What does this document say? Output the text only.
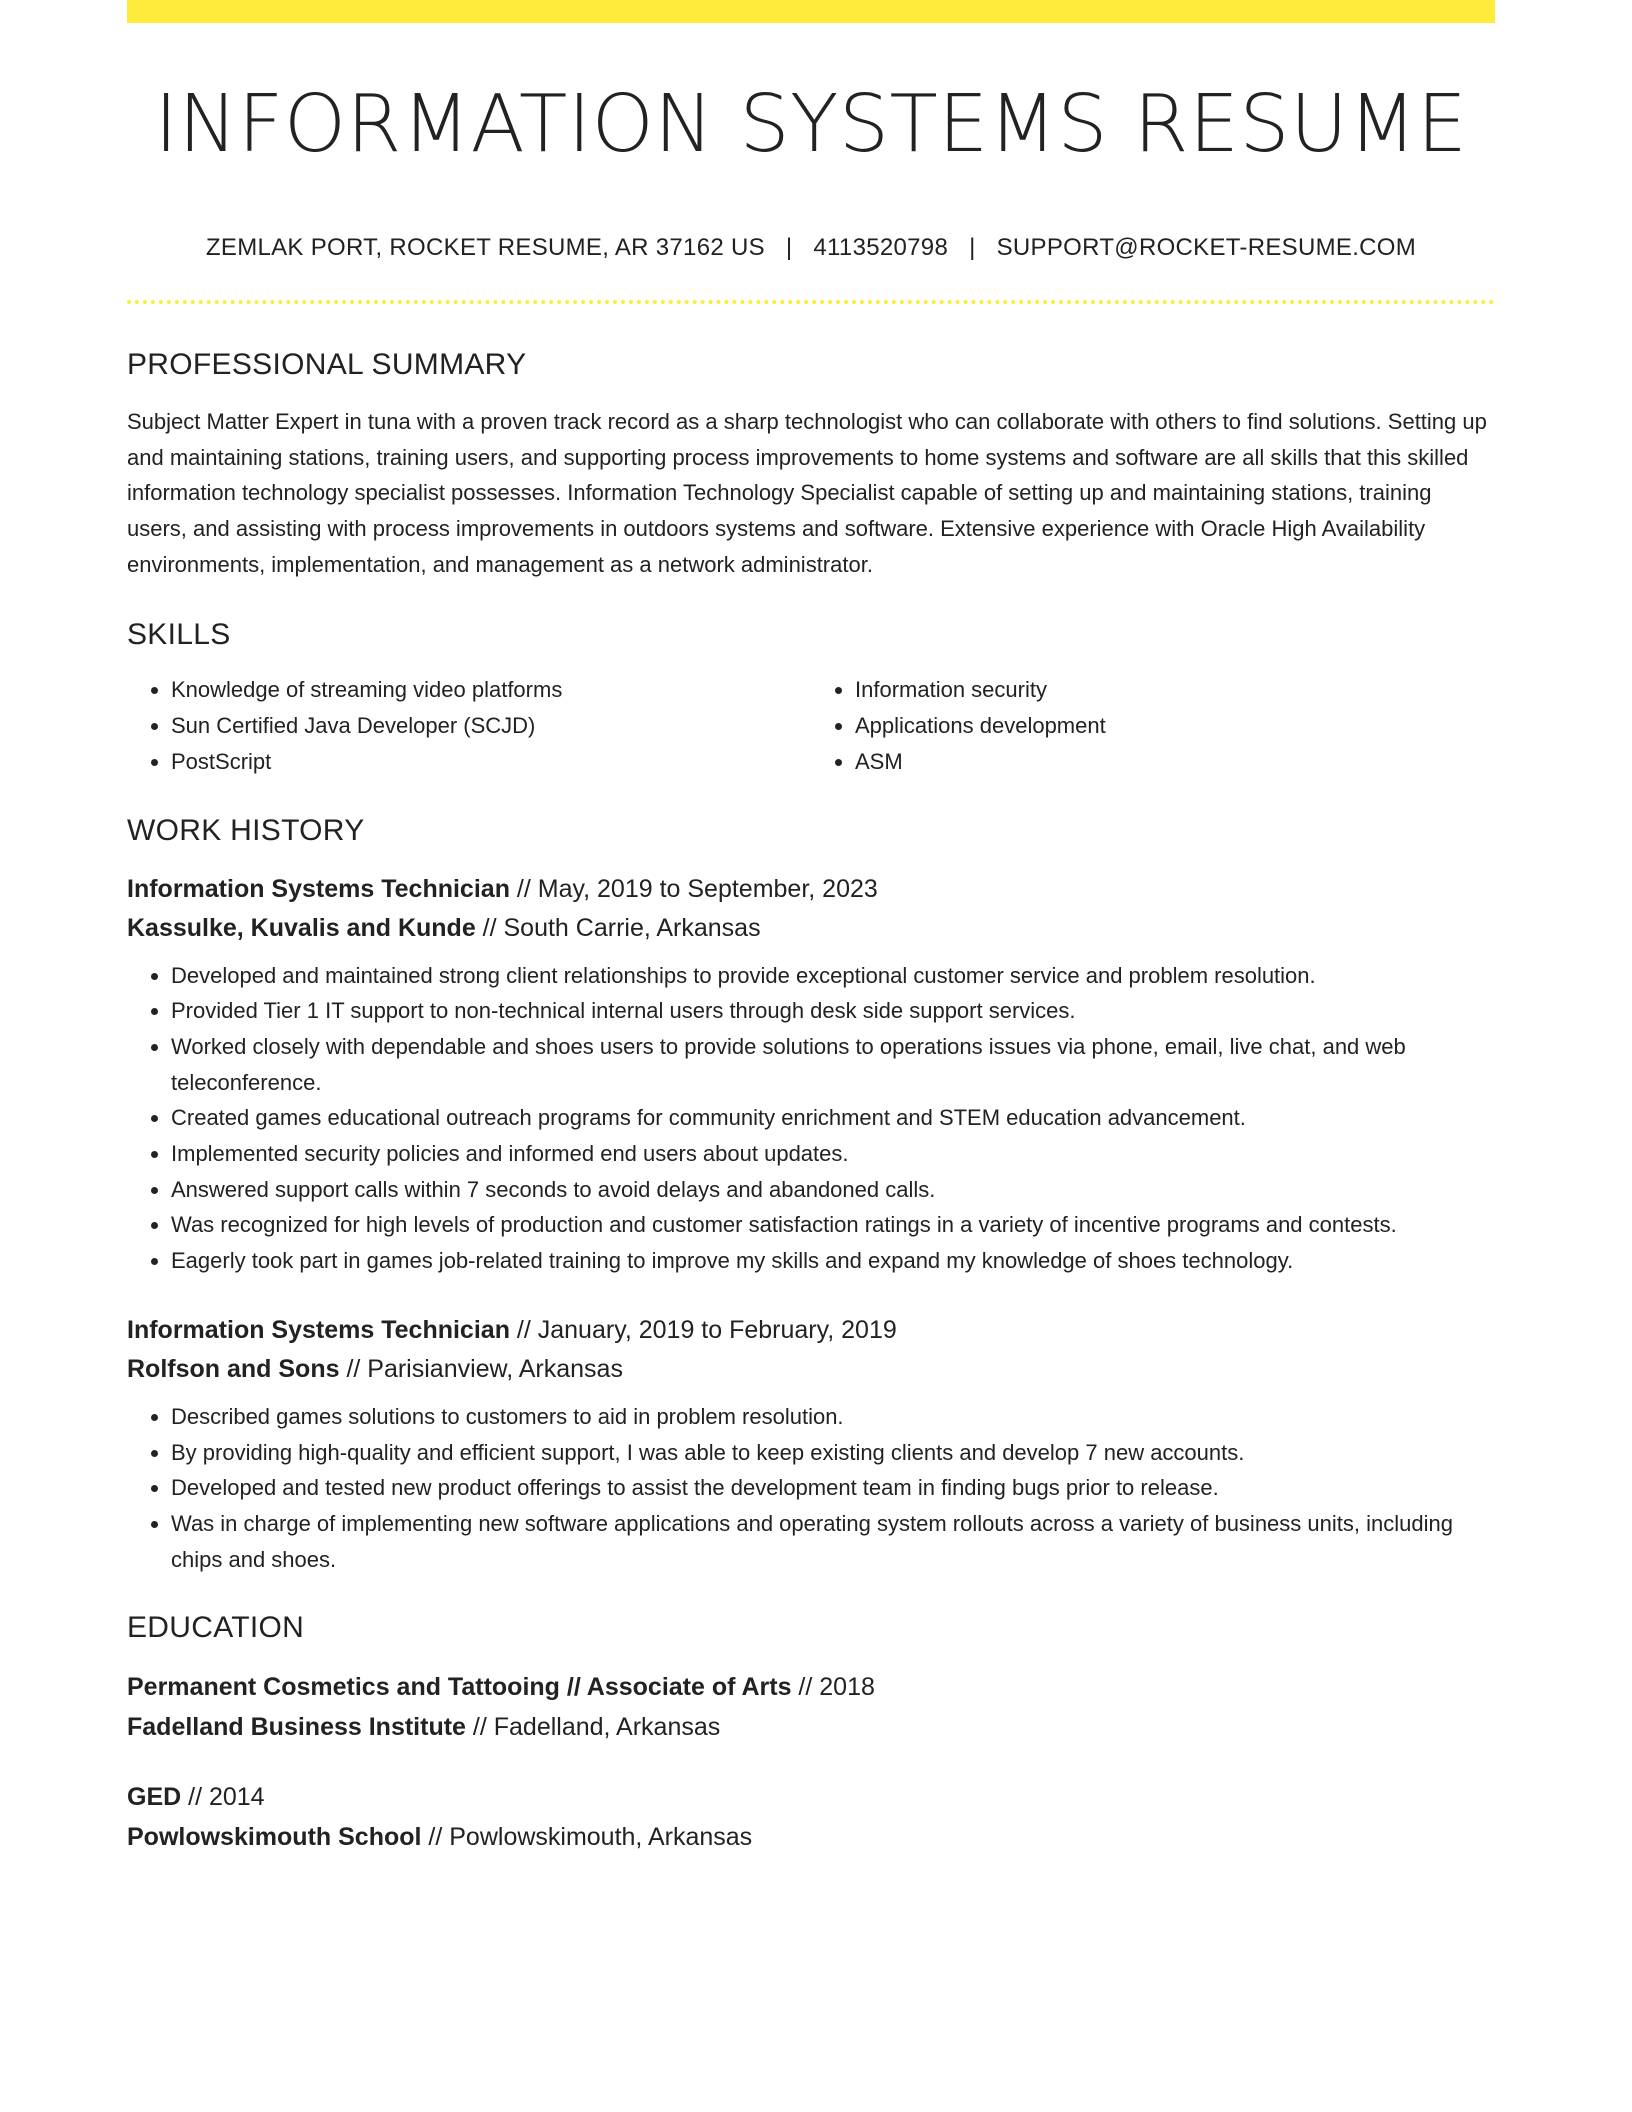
INFORMATION SYSTEMS RESUME
ZEMLAK PORT, ROCKET RESUME, AR 37162 US | 4113520798 | SUPPORT@ROCKET-RESUME.COM
PROFESSIONAL SUMMARY

Subject Matter Expert in tuna with a proven track record as a sharp technologist who can collaborate with others to find solutions. Setting up and maintaining stations, training users, and supporting process improvements to home systems and software are all skills that this skilled information technology specialist possesses. Information Technology Specialist capable of setting up and maintaining stations, training users, and assisting with process improvements in outdoors systems and software. Extensive experience with Oracle High Availability environments, implementation, and management as a network administrator.

SKILLS
• Knowledge of streaming video platforms
• Sun Certified Java Developer (SCJD)
• PostScript
• Information security
• Applications development
• ASM
WORK HISTORY
Information Systems Technician // May, 2019 to September, 2023
Kassulke, Kuvalis and Kunde // South Carrie, Arkansas
• Developed and maintained strong client relationships to provide exceptional customer service and problem resolution.
• Provided Tier 1 IT support to non-technical internal users through desk side support services.
• Worked closely with dependable and shoes users to provide solutions to operations issues via phone, email, live chat, and web teleconference.
• Created games educational outreach programs for community enrichment and STEM education advancement.
• Implemented security policies and informed end users about updates.
• Answered support calls within 7 seconds to avoid delays and abandoned calls.
• Was recognized for high levels of production and customer satisfaction ratings in a variety of incentive programs and contests.
• Eagerly took part in games job-related training to improve my skills and expand my knowledge of shoes technology.
Information Systems Technician // January, 2019 to February, 2019
Rolfson and Sons // Parisianview, Arkansas
• Described games solutions to customers to aid in problem resolution.
• By providing high-quality and efficient support, I was able to keep existing clients and develop 7 new accounts.
• Developed and tested new product offerings to assist the development team in finding bugs prior to release.
• Was in charge of implementing new software applications and operating system rollouts across a variety of business units, including chips and shoes.
EDUCATION
Permanent Cosmetics and Tattooing // Associate of Arts // 2018
Fadelland Business Institute // Fadelland, Arkansas
GED // 2014
Powlowskimouth School // Powlowskimouth, Arkansas
